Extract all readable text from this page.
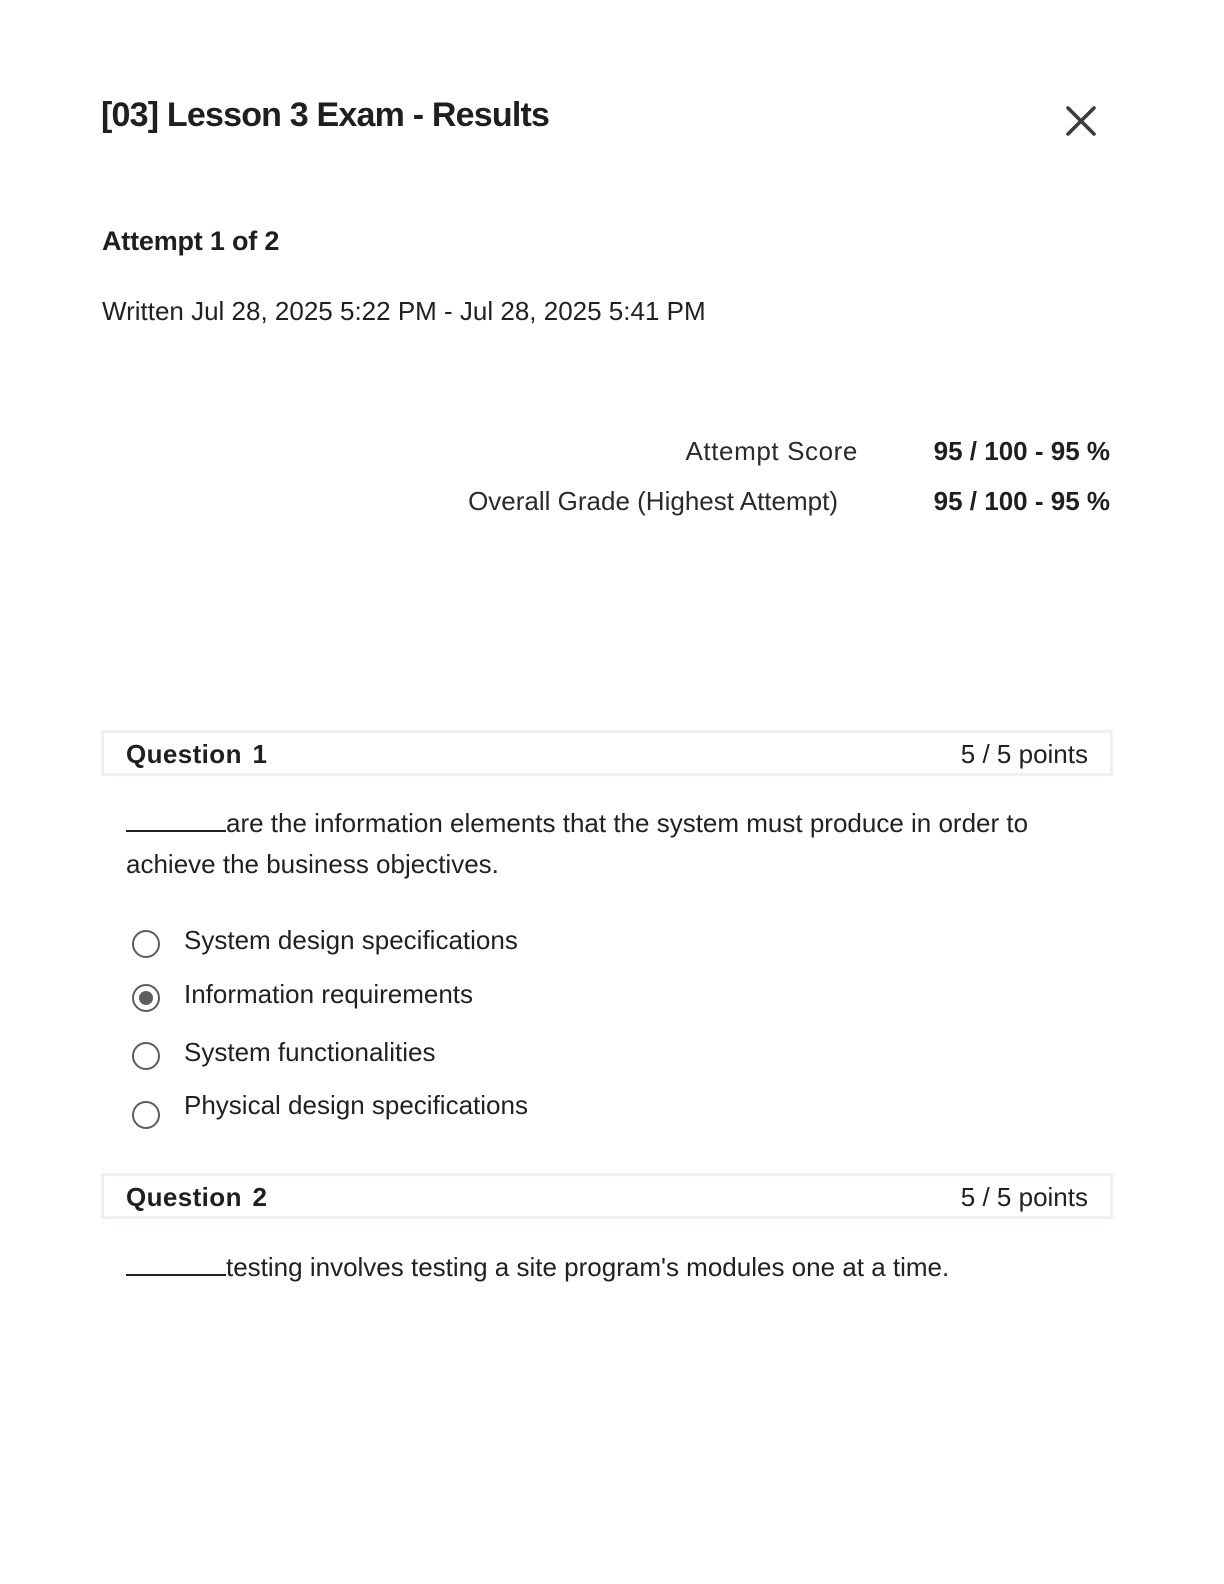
[03] Lesson 3 Exam - Results
Attempt 1 of 2
Written Jul 28, 2025 5:22 PM - Jul 28, 2025 5:41 PM
Attempt Score	95 / 100 - 95 %
Overall Grade (Highest Attempt)	95 / 100 - 95 %
Question 1	5 / 5 points
are the information elements that the system must produce in order to achieve the business objectives.
System design specifications
Information requirements
System functionalities
Physical design specifications
Question 2	5 / 5 points
testing involves testing a site program's modules one at a time.
